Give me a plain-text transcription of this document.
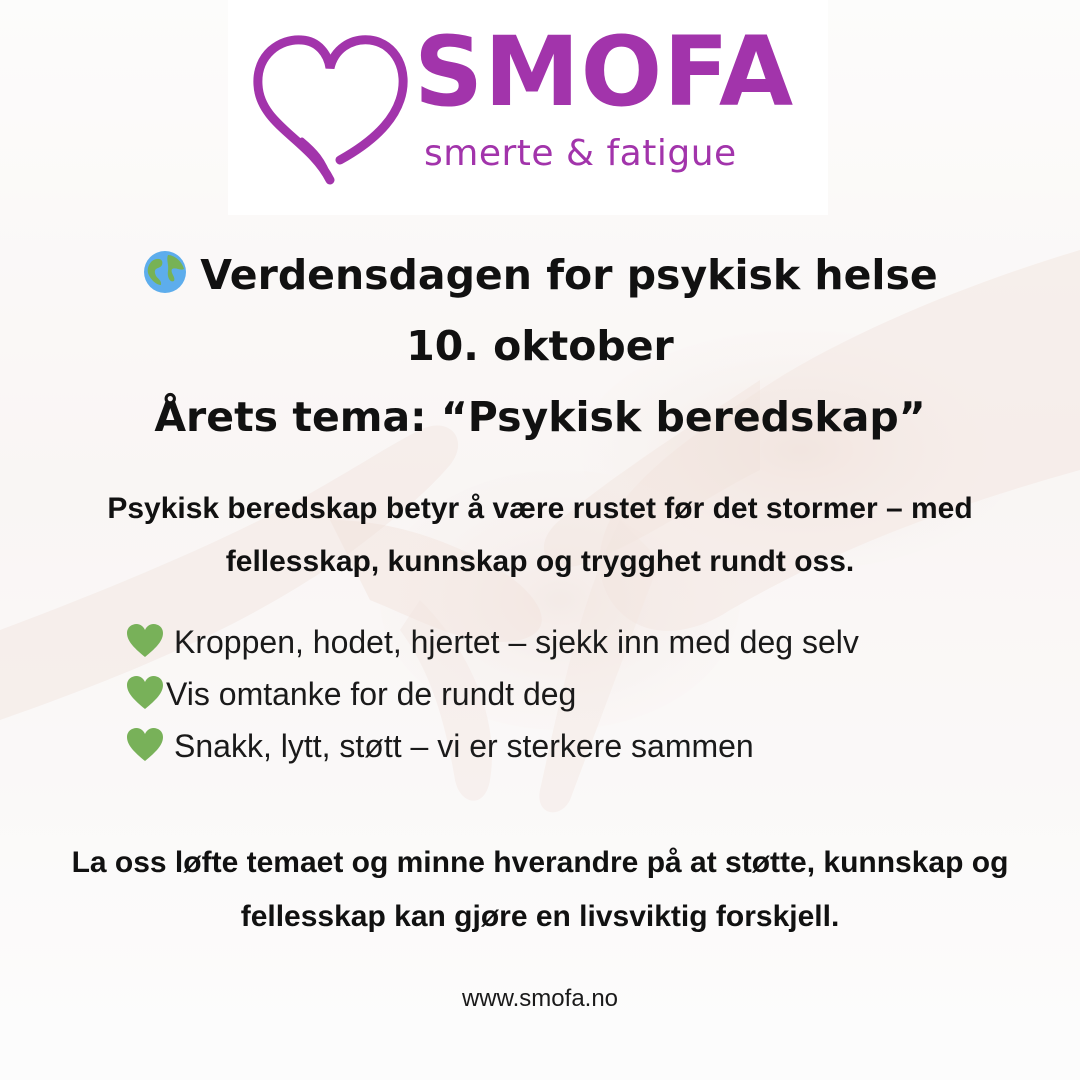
SMOFA
smerte & fatigue
Verdensdagen for psykisk helse
10. oktober
Årets tema: “Psykisk beredskap”
Psykisk beredskap betyr å være rustet før det stormer – med fellesskap, kunnskap og trygghet rundt oss.
Kroppen, hodet, hjertet – sjekk inn med deg selv
Vis omtanke for de rundt deg
Snakk, lytt, støtt – vi er sterkere sammen
La oss løfte temaet og minne hverandre på at støtte, kunnskap og fellesskap kan gjøre en livsviktig forskjell.
www.smofa.no
